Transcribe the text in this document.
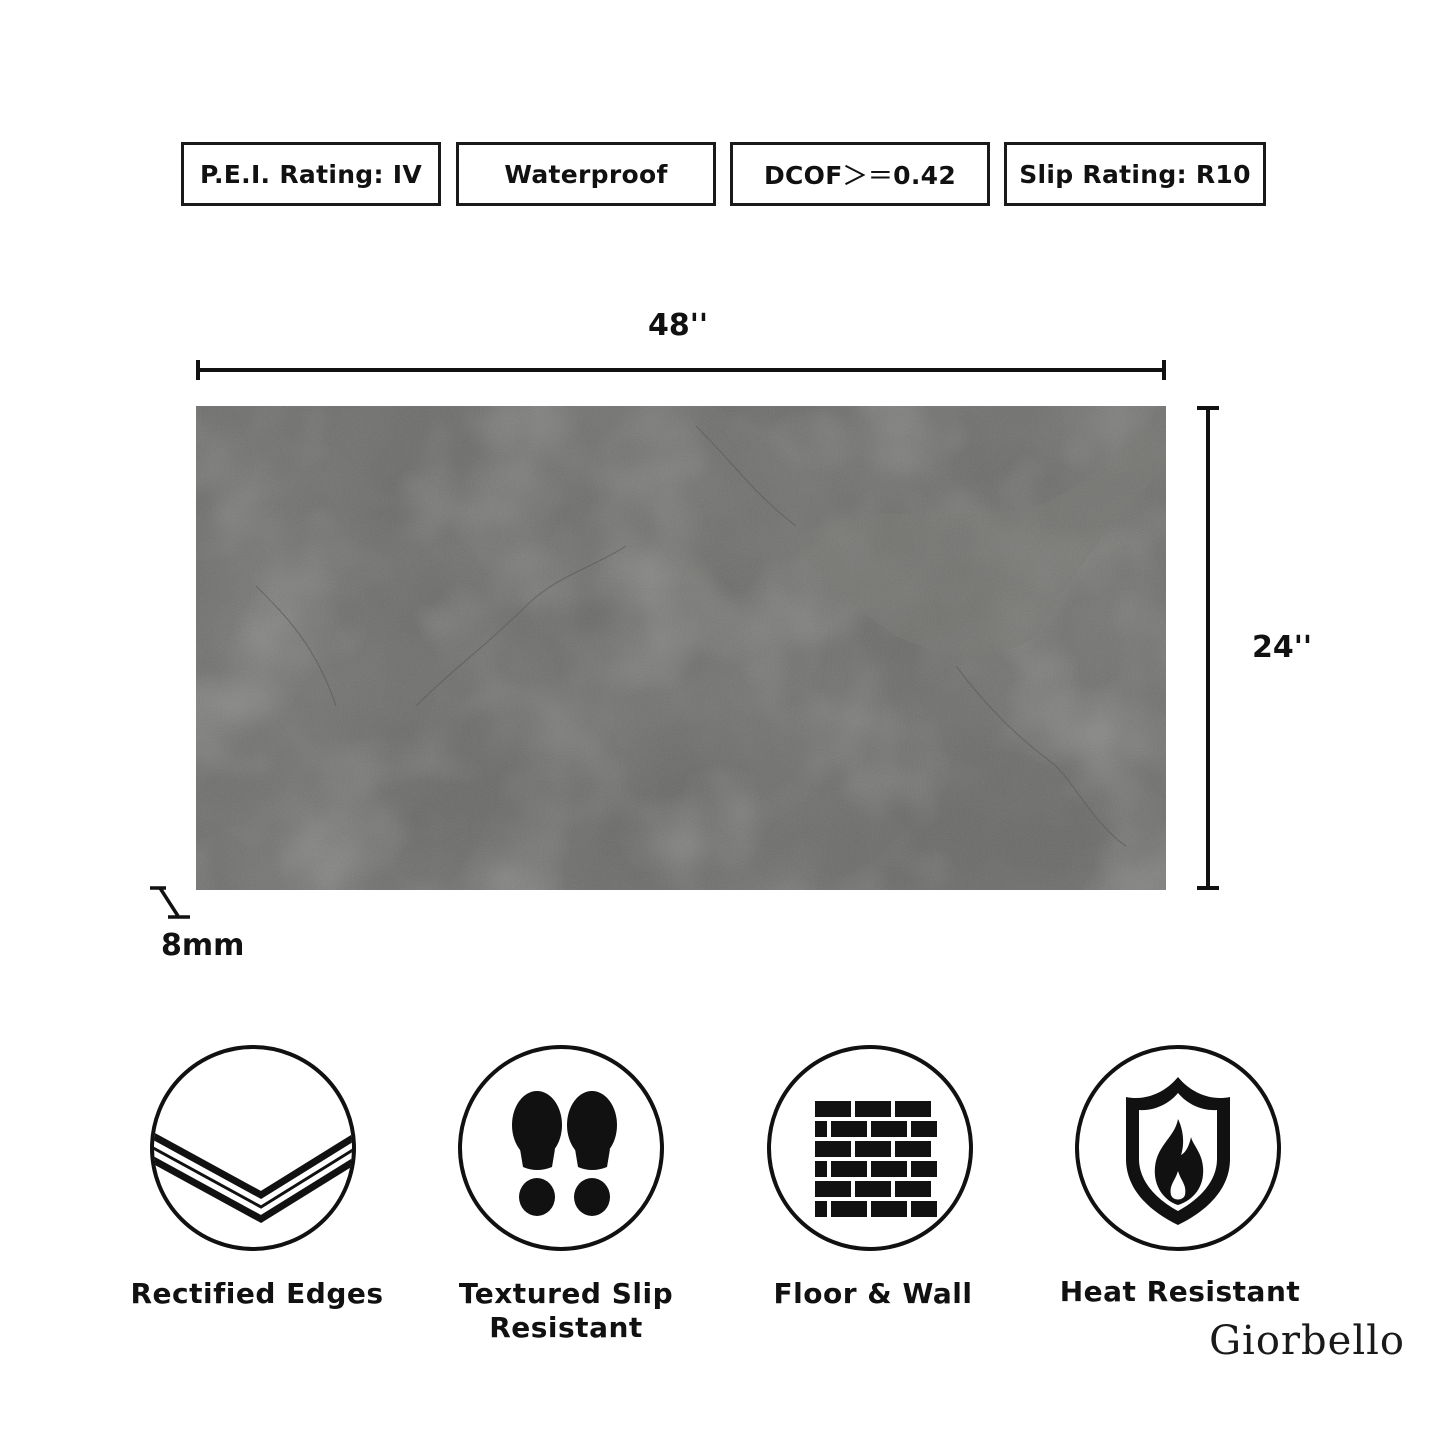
P.E.I. Rating: IV	Waterproof	DCOF＞＝0.42	Slip Rating: R10
48''
24''
8mm
Rectified Edges	Textured Slip
Resistant
Floor & Wall	Heat Resistant
Giorbello
